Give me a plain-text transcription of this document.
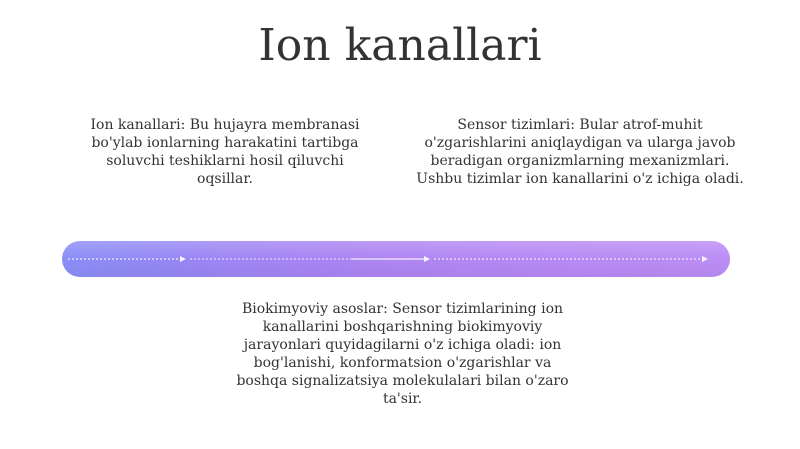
Ion kanallari
Ion kanallari: Bu hujayra membranasi bo'ylab ionlarning harakatini tartibga soluvchi teshiklarni hosil qiluvchi oqsillar.
Sensor tizimlari: Bular atrof-muhit o'zgarishlarini aniqlaydigan va ularga javob beradigan organizmlarning mexanizmlari. Ushbu tizimlar ion kanallarini o'z ichiga oladi.
Biokimyoviy asoslar: Sensor tizimlarining ion kanallarini boshqarishning biokimyoviy jarayonlari quyidagilarni o'z ichiga oladi: ion bog'lanishi, konformatsion o'zgarishlar va boshqa signalizatsiya molekulalari bilan o'zaro ta'sir.
